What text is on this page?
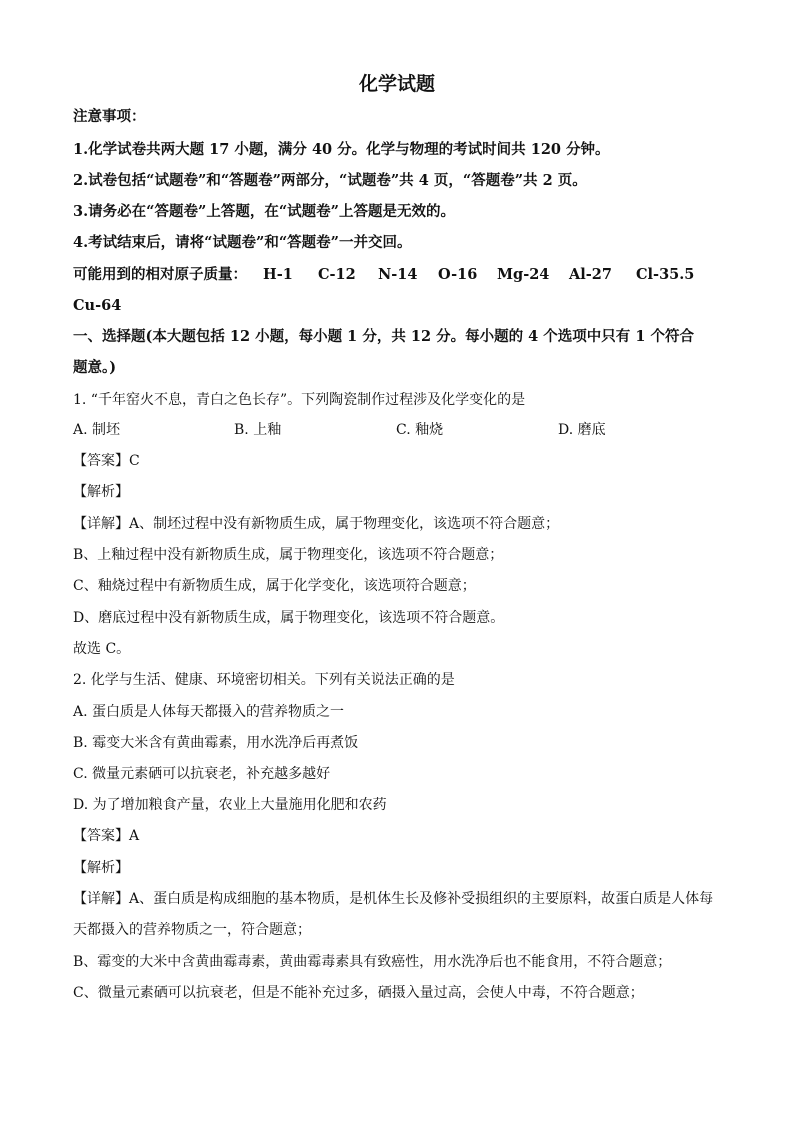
化学试题
注意事项：
1.化学试卷共两大题 17 小题，满分 40 分。化学与物理的考试时间共 120 分钟。
2.试卷包括“试题卷”和“答题卷”两部分，“试题卷”共 4 页，“答题卷”共 2 页。
3.请务必在“答题卷”上答题，在“试题卷”上答题是无效的。
4.考试结束后，请将“试题卷”和“答题卷”一并交回。
可能用到的相对原子质量： H-1 C-12 N-14 O-16 Mg-24 Al-27 Cl-35.5
Cu-64
一、选择题(本大题包括 12 小题，每小题 1 分，共 12 分。每小题的 4 个选项中只有 1 个符合
题意。)
1. “千年窑火不息，青白之色长存”。下列陶瓷制作过程涉及化学变化的是
A. 制坯	B. 上釉	C. 釉烧	D. 磨底
【答案】C
【解析】
【详解】A、制坯过程中没有新物质生成，属于物理变化，该选项不符合题意；
B、上釉过程中没有新物质生成，属于物理变化，该选项不符合题意；
C、釉烧过程中有新物质生成，属于化学变化，该选项符合题意；
D、磨底过程中没有新物质生成，属于物理变化，该选项不符合题意。
故选 C。
2. 化学与生活、健康、环境密切相关。下列有关说法正确的是
A. 蛋白质是人体每天都摄入的营养物质之一
B. 霉变大米含有黄曲霉素，用水洗净后再煮饭
C. 微量元素硒可以抗衰老，补充越多越好
D. 为了增加粮食产量，农业上大量施用化肥和农药
【答案】A
【解析】
【详解】A、蛋白质是构成细胞的基本物质，是机体生长及修补受损组织的主要原料，故蛋白质是人体每
天都摄入的营养物质之一，符合题意；
B、霉变的大米中含黄曲霉毒素，黄曲霉毒素具有致癌性，用水洗净后也不能食用，不符合题意；
C、微量元素硒可以抗衰老，但是不能补充过多，硒摄入量过高，会使人中毒，不符合题意；
